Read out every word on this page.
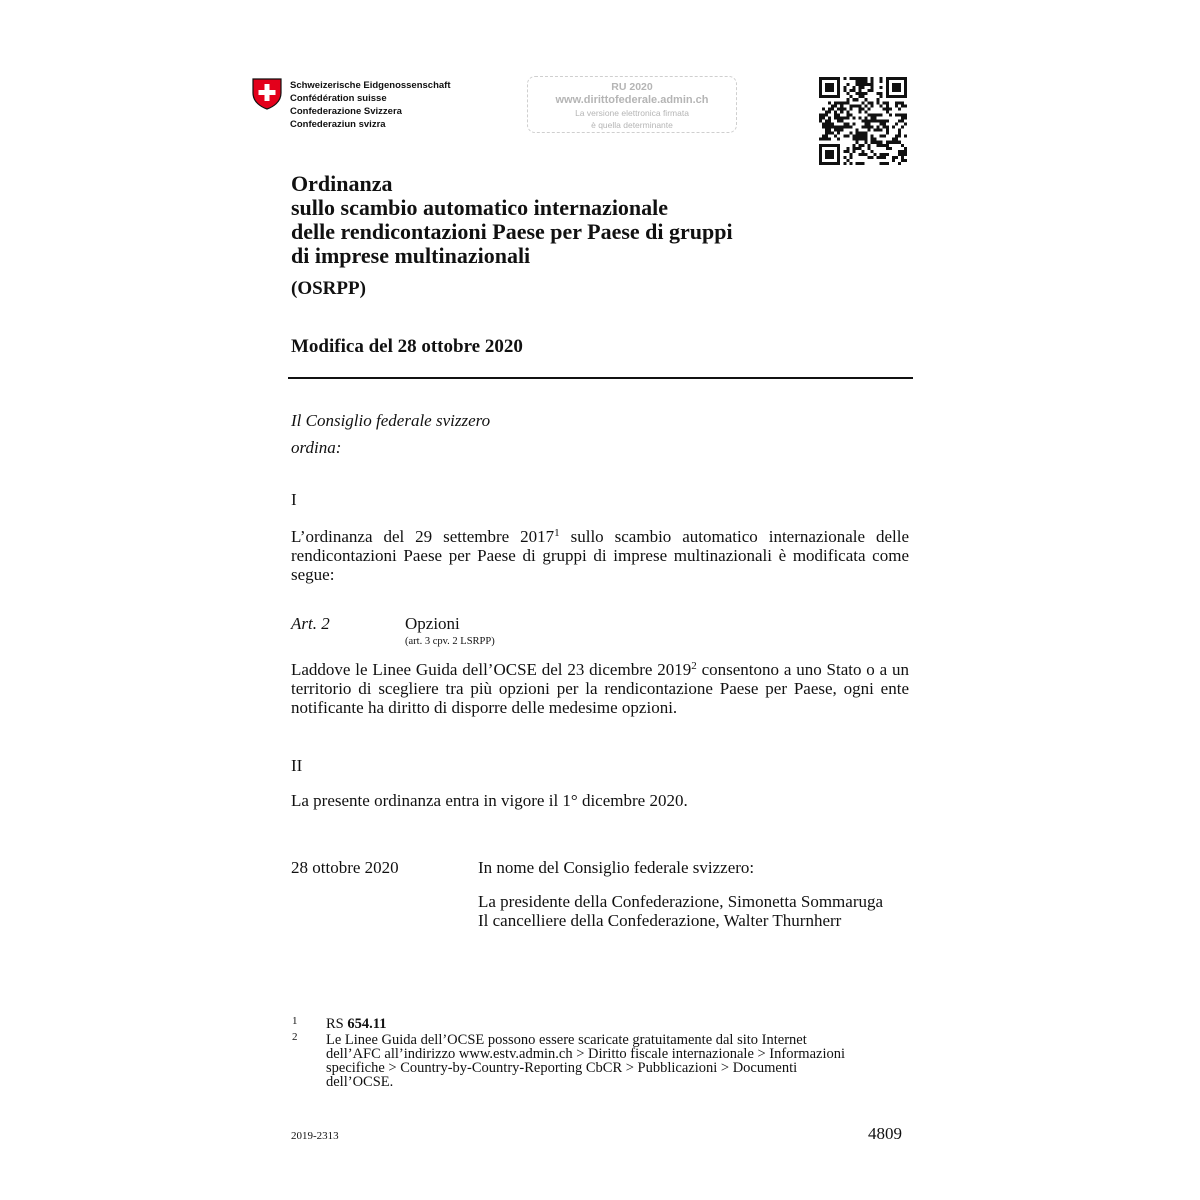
Schweizerische Eidgenossenschaft
Confédération suisse
Confederazione Svizzera
Confederaziun svizra
RU 2020
www.dirittofederale.admin.ch
La versione elettronica firmata
è quella determinante
Ordinanza
sullo scambio automatico internazionale
delle rendicontazioni Paese per Paese di gruppi
di imprese multinazionali
(OSRPP)
Modifica del 28 ottobre 2020
Il Consiglio federale svizzero
ordina:
I
L’ordinanza del 29 settembre 2017$^1$ sullo scambio automatico internazionale delle rendicontazioni Paese per Paese di gruppi di imprese multinazionali è modificata come segue:
Art. 2	Opzioni
(art. 3 cpv. 2 LSRPP)
Laddove le Linee Guida dell’OCSE del 23 dicembre 2019$^2$ consentono a uno Stato o a un territorio di scegliere tra più opzioni per la rendicontazione Paese per Paese, ogni ente notificante ha diritto di disporre delle medesime opzioni.
II
La presente ordinanza entra in vigore il 1° dicembre 2020.
28 ottobre 2020	In nome del Consiglio federale svizzero:
La presidente della Confederazione, Simonetta Sommaruga
Il cancelliere della Confederazione, Walter Thurnherr
1 RS 654.11
2 Le Linee Guida dell’OCSE possono essere scaricate gratuitamente dal sito Internet
dell’AFC all’indirizzo www.estv.admin.ch > Diritto fiscale internazionale > Informazioni
specifiche > Country-by-Country-Reporting CbCR > Pubblicazioni > Documenti
dell’OCSE.
2019-2313	4809
